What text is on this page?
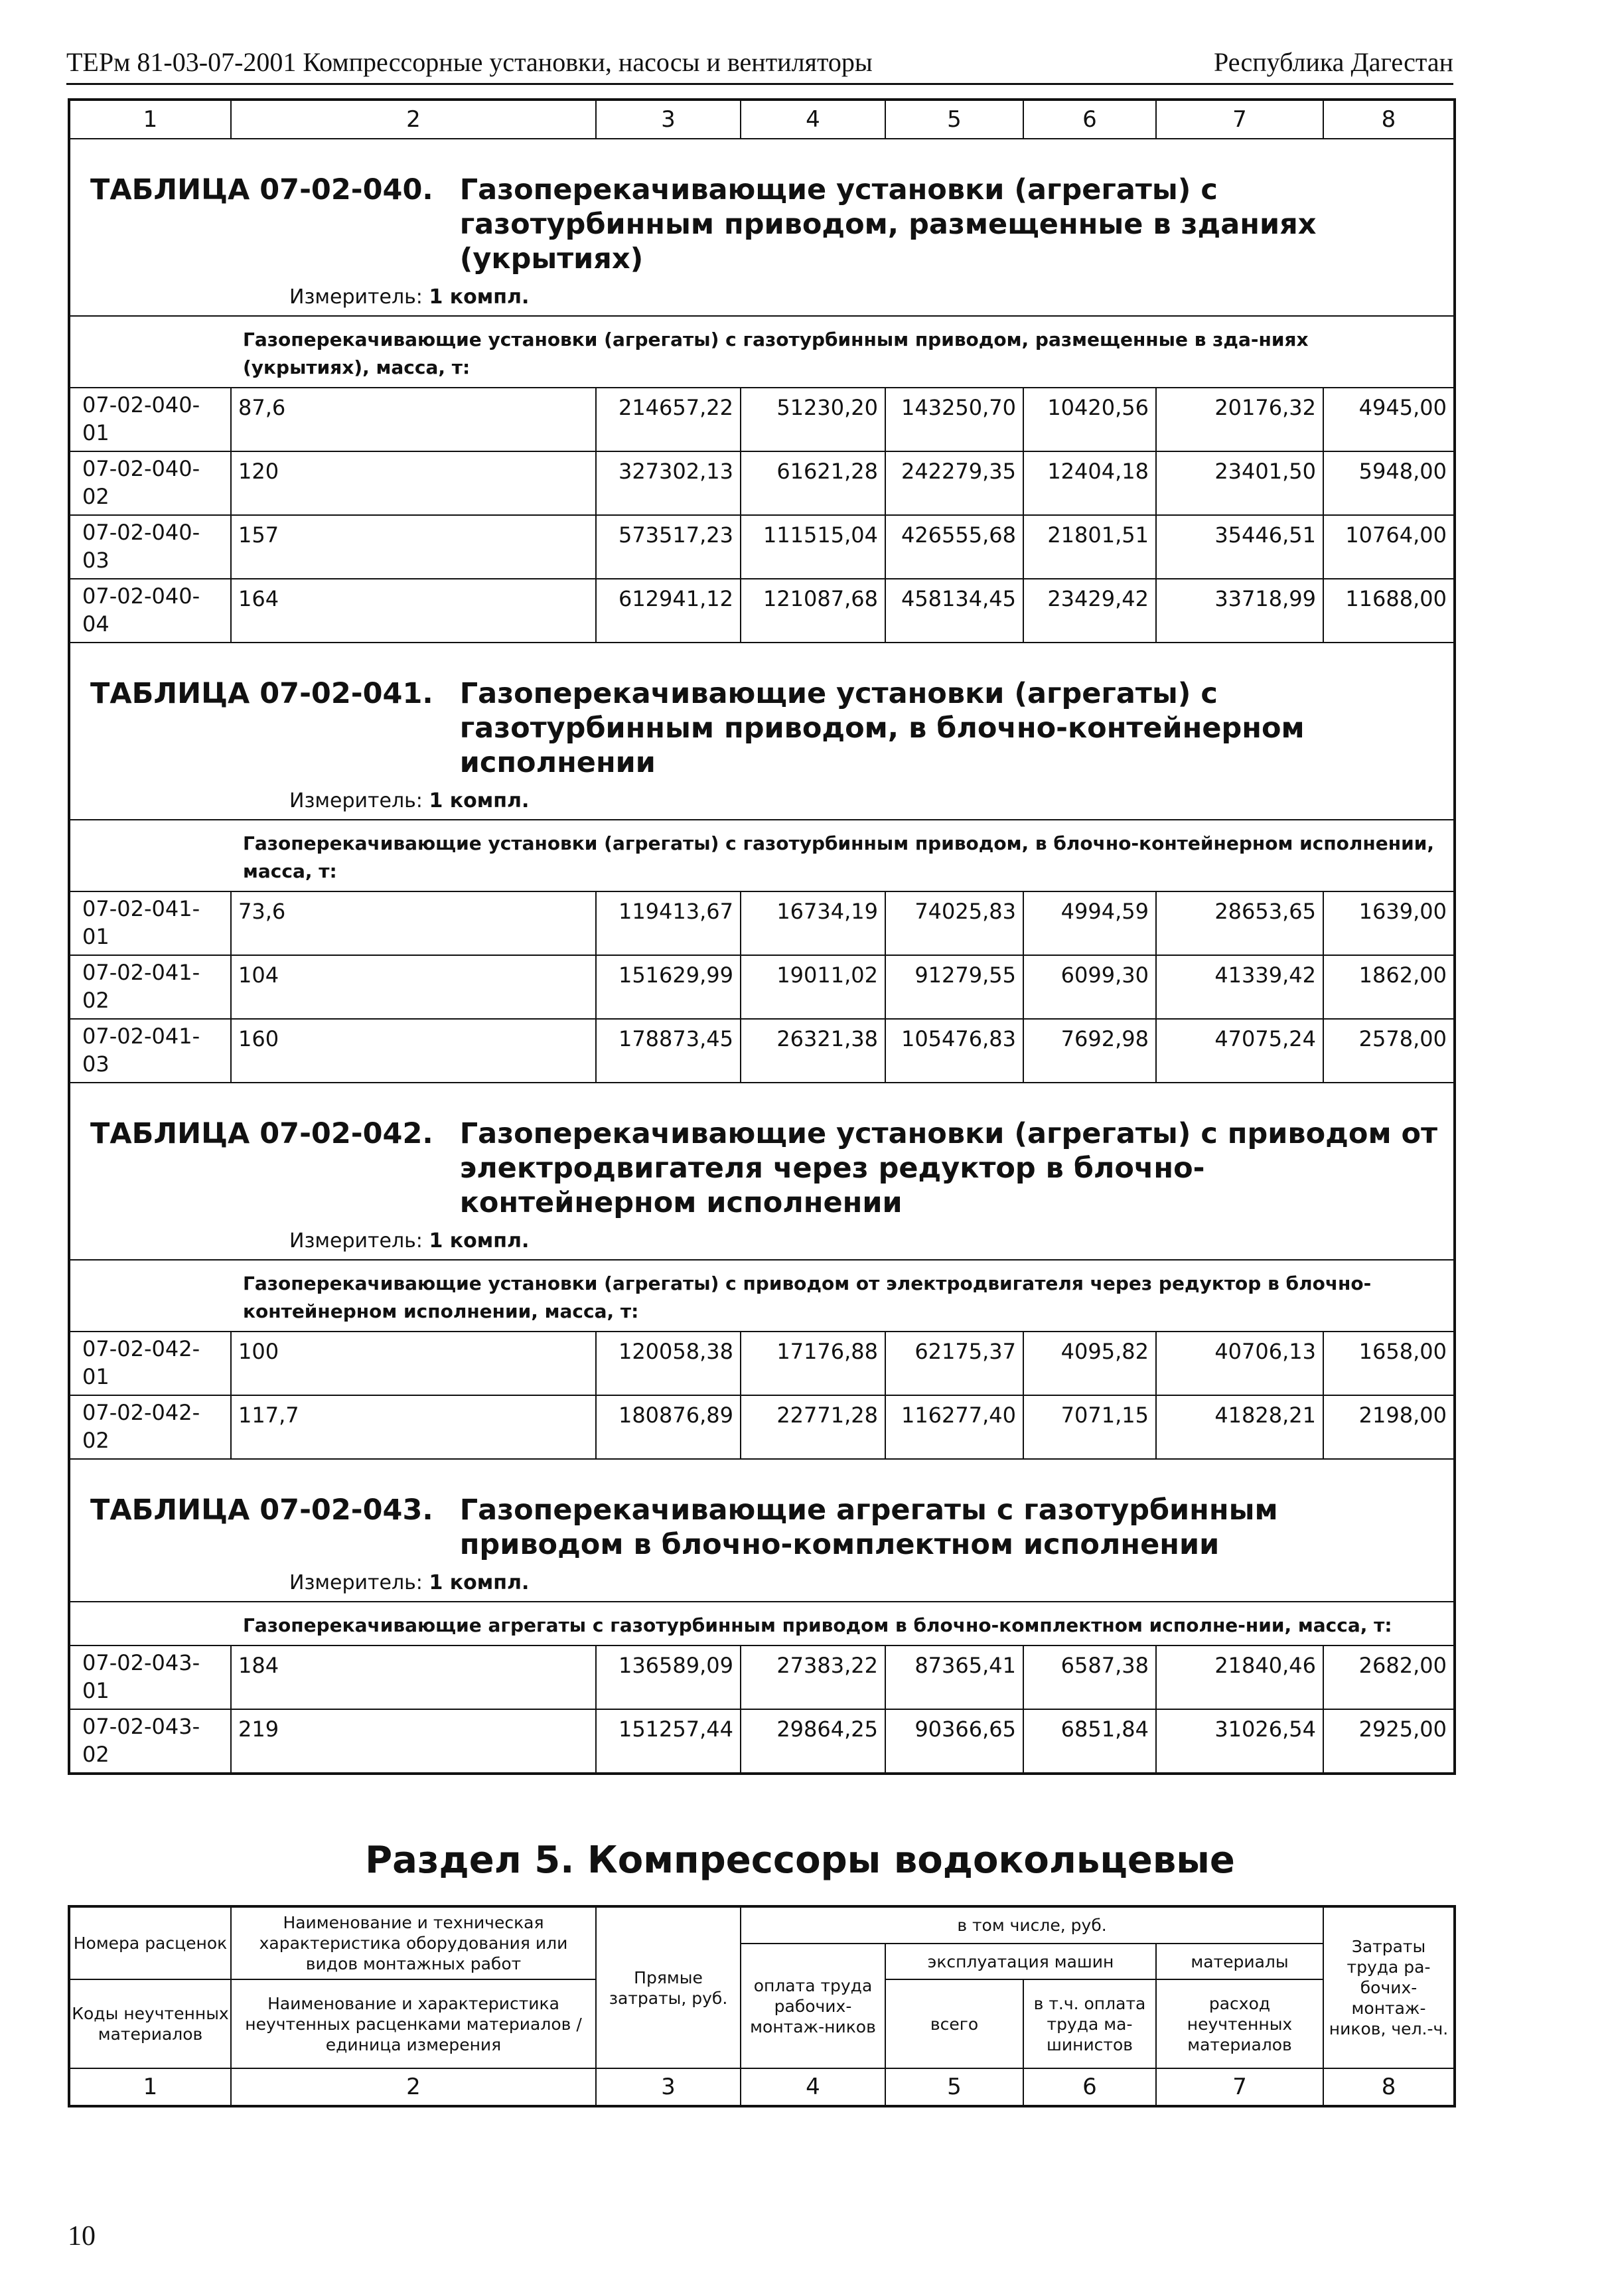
ТЕРм 81-03-07-2001 Компрессорные установки, насосы и вентиляторы	Республика Дагестан
1	2	3	4	5	6	7	8

ТАБЛИЦА 07-02-040. Газоперекачивающие установки (агрегаты) с газотурбинным приводом, размещенные в зданиях (укрытиях)
Измеритель: 1 компл.							

Газоперекачивающие установки (агрегаты) с газотурбинным приводом, размещенные в зда-ниях (укрытиях), масса, т:							
07-02-040-01	87,6	214657,22	51230,20	143250,70	10420,56	20176,32	4945,00
07-02-040-02	120	327302,13	61621,28	242279,35	12404,18	23401,50	5948,00
07-02-040-03	157	573517,23	111515,04	426555,68	21801,51	35446,51	10764,00
07-02-040-04	164	612941,12	121087,68	458134,45	23429,42	33718,99	11688,00

ТАБЛИЦА 07-02-041. Газоперекачивающие установки (агрегаты) с газотурбинным приводом, в блочно-контейнерном исполнении
Измеритель: 1 компл.							

Газоперекачивающие установки (агрегаты) с газотурбинным приводом, в блочно-контейнерном исполнении, масса, т:							
07-02-041-01	73,6	119413,67	16734,19	74025,83	4994,59	28653,65	1639,00
07-02-041-02	104	151629,99	19011,02	91279,55	6099,30	41339,42	1862,00
07-02-041-03	160	178873,45	26321,38	105476,83	7692,98	47075,24	2578,00

ТАБЛИЦА 07-02-042. Газоперекачивающие установки (агрегаты) с приводом от электродвигателя через редуктор в блочно-контейнерном исполнении
Измеритель: 1 компл.							

Газоперекачивающие установки (агрегаты) с приводом от электродвигателя через редуктор в блочно-контейнерном исполнении, масса, т:							
07-02-042-01	100	120058,38	17176,88	62175,37	4095,82	40706,13	1658,00
07-02-042-02	117,7	180876,89	22771,28	116277,40	7071,15	41828,21	2198,00

ТАБЛИЦА 07-02-043. Газоперекачивающие агрегаты с газотурбинным приводом в блочно-комплектном исполнении
Измеритель: 1 компл.							

Газоперекачивающие агрегаты с газотурбинным приводом в блочно-комплектном исполне-нии, масса, т:							
07-02-043-01	184	136589,09	27383,22	87365,41	6587,38	21840,46	2682,00
07-02-043-02	219	151257,44	29864,25	90366,65	6851,84	31026,54	2925,00
Раздел 5. Компрессоры водокольцевые
Номера расценок	Наименование и техническая характеристика оборудования или видов монтажных работ	Прямые затраты, руб.	в том числе, руб.				Затраты труда ра-бочих-монтаж-ников, чел.-ч.
			оплата труда рабочих-монтаж-ников	эксплуатация машин		материалы	

Коды неучтенных материалов	Наименование и характеристика неучтенных расценками материалов / единица измерения			всего	в т.ч. оплата труда ма-шинистов	расход неучтенных материалов	

1	2	3	4	5	6	7	8
10
